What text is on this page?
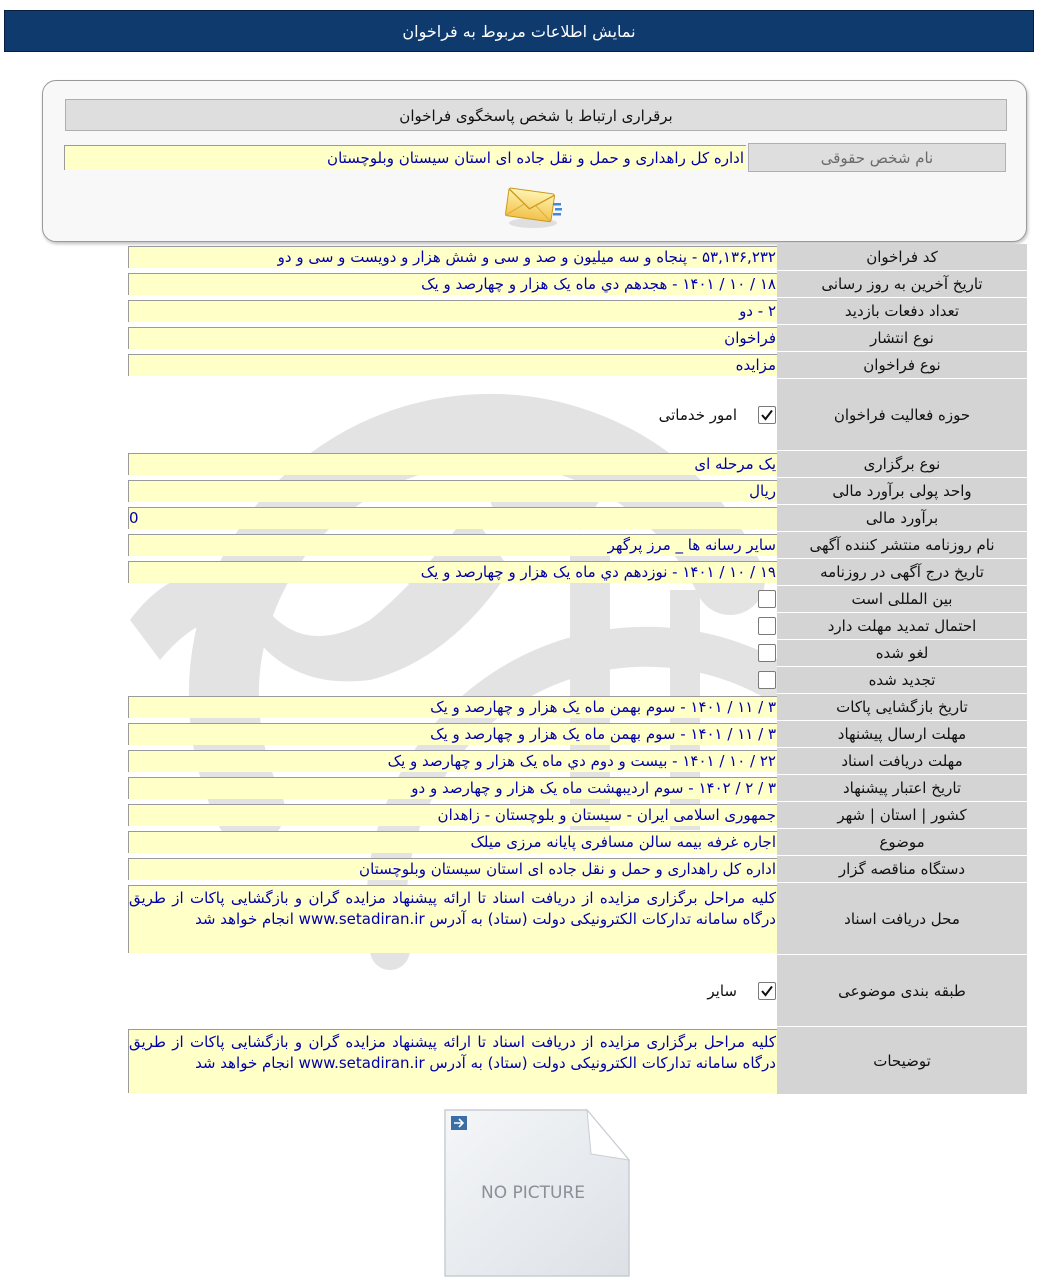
نمایش اطلاعات مربوط به فراخوان
برقراری ارتباط با شخص پاسخگوی فراخوان
نام شخص حقوقی
اداره کل راهداری و حمل و نقل جاده ای استان سیستان وبلوچستان
کد فراخوان
۵۳,۱۳۶,۲۳۲ - پنجاه و سه میلیون و صد و سی و شش هزار و دویست و سی و دو
تاریخ آخرین به روز رسانی
۱۸ / ۱۰ / ۱۴۰۱ - هجدهم دي ماه یک هزار و چهارصد و یک
تعداد دفعات بازدید
۲ - دو
نوع انتشار
فراخوان
نوع فراخوان
مزایده
حوزه فعالیت فراخوان
امور خدماتی
نوع برگزاری
یک مرحله ای
واحد پولی برآورد مالی
ریال
برآورد مالی
0
نام روزنامه منتشر کننده آگهی
سایر رسانه ها _ مرز پرگهر
تاریخ درج آگهی در روزنامه
۱۹ / ۱۰ / ۱۴۰۱ - نوزدهم دي ماه یک هزار و چهارصد و یک
بین المللی است
احتمال تمدید مهلت دارد
لغو شده
تجدید شده
تاریخ بازگشایی پاکات
۳ / ۱۱ / ۱۴۰۱ - سوم بهمن ماه یک هزار و چهارصد و یک
مهلت ارسال پیشنهاد
۳ / ۱۱ / ۱۴۰۱ - سوم بهمن ماه یک هزار و چهارصد و یک
مهلت دریافت اسناد
۲۲ / ۱۰ / ۱۴۰۱ - بیست و دوم دي ماه یک هزار و چهارصد و یک
تاریخ اعتبار پیشنهاد
۳ / ۲ / ۱۴۰۲ - سوم اردیبهشت ماه یک هزار و چهارصد و دو
کشور | استان | شهر
جمهوری اسلامی ایران - سیستان و بلوچستان - زاهدان
موضوع
اجاره غرفه بیمه سالن مسافری پایانه مرزی میلک
دستگاه مناقصه گزار
اداره کل راهداری و حمل و نقل جاده ای استان سیستان وبلوچستان
محل دریافت اسناد
کلیه مراحل برگزاری مزایده از دریافت اسناد تا ارائه پیشنهاد مزایده گران و بازگشایی پاکات از طریق درگاه سامانه تدارکات الکترونیکی دولت (ستاد) به آدرس www.setadiran.ir انجام خواهد شد
طبقه بندی موضوعی
سایر
توضیحات
کلیه مراحل برگزاری مزایده از دریافت اسناد تا ارائه پیشنهاد مزایده گران و بازگشایی پاکات از طریق درگاه سامانه تدارکات الکترونیکی دولت (ستاد) به آدرس www.setadiran.ir انجام خواهد شد
NO PICTURE
